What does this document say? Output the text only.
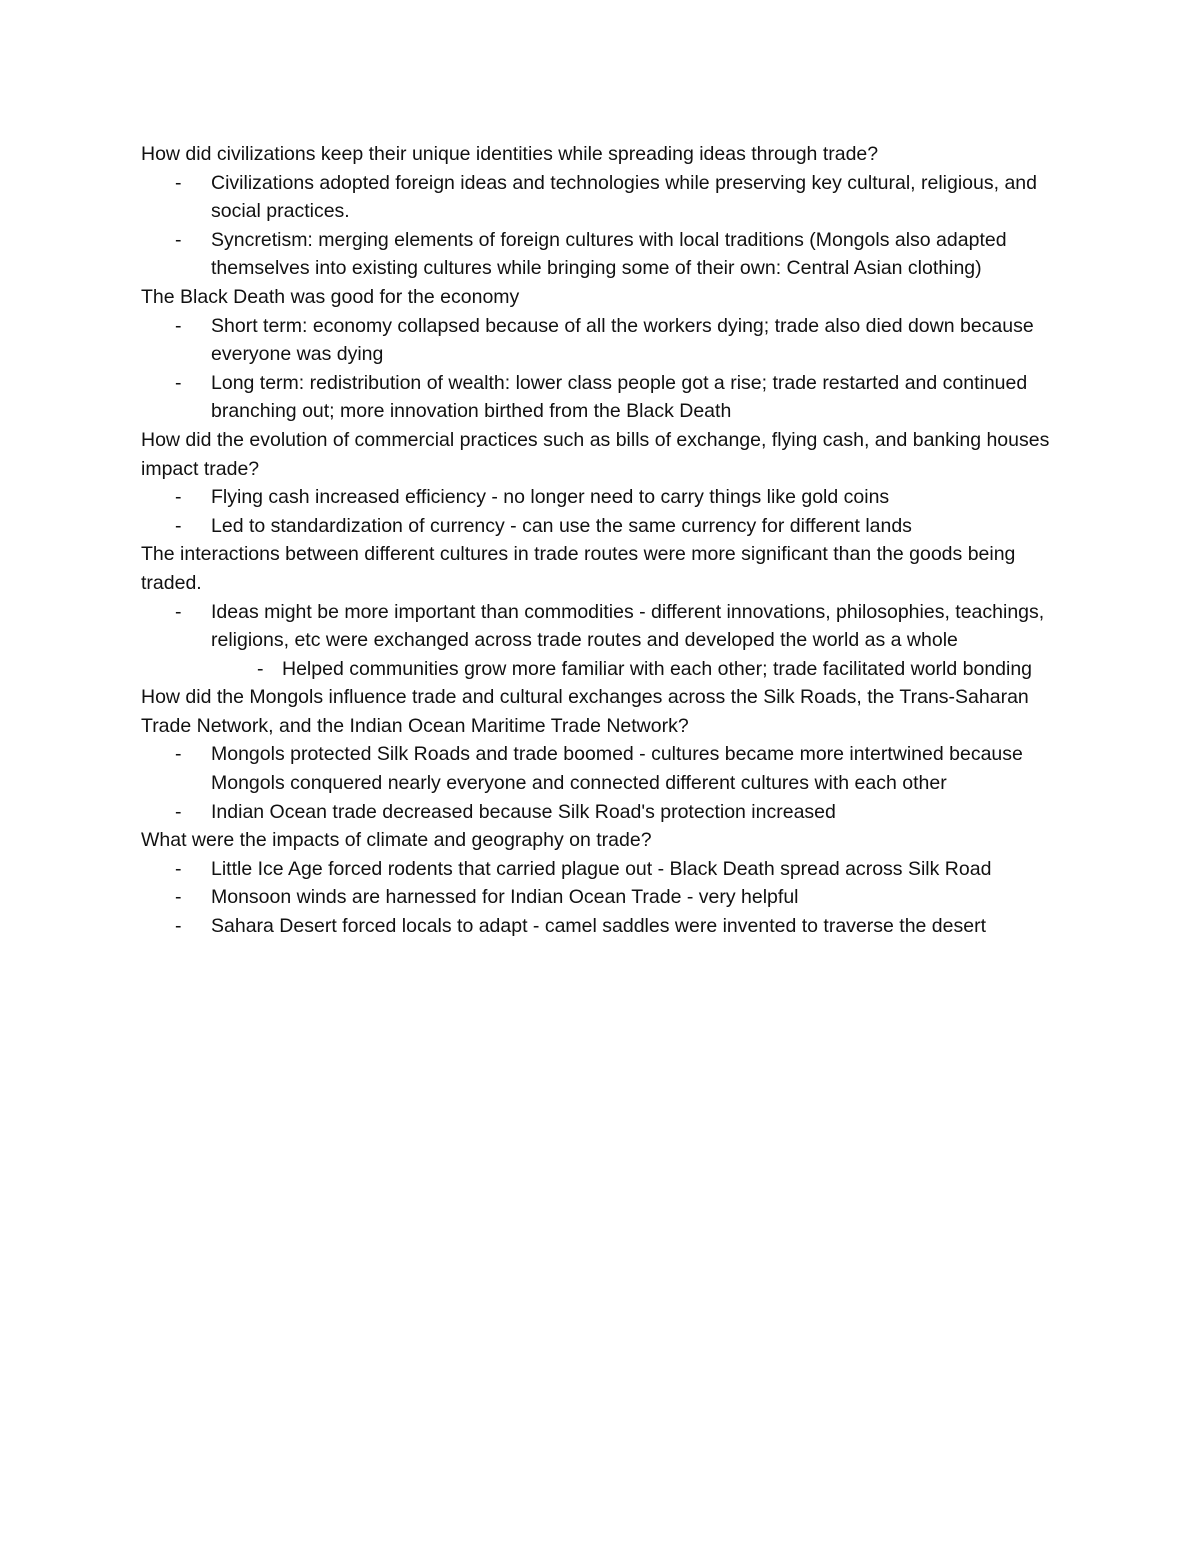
How did civilizations keep their unique identities while spreading ideas through trade?
- Civilizations adopted foreign ideas and technologies while preserving key cultural, religious, and social practices.
- Syncretism: merging elements of foreign cultures with local traditions (Mongols also adapted themselves into existing cultures while bringing some of their own: Central Asian clothing)
The Black Death was good for the economy
- Short term: economy collapsed because of all the workers dying; trade also died down because everyone was dying
- Long term: redistribution of wealth: lower class people got a rise; trade restarted and continued branching out; more innovation birthed from the Black Death
How did the evolution of commercial practices such as bills of exchange, flying cash, and banking houses impact trade?
- Flying cash increased efficiency - no longer need to carry things like gold coins
- Led to standardization of currency - can use the same currency for different lands
The interactions between different cultures in trade routes were more significant than the goods being traded.
- Ideas might be more important than commodities - different innovations, philosophies, teachings, religions, etc were exchanged across trade routes and developed the world as a whole
- Helped communities grow more familiar with each other; trade facilitated world bonding
How did the Mongols influence trade and cultural exchanges across the Silk Roads, the Trans-Saharan Trade Network, and the Indian Ocean Maritime Trade Network?
- Mongols protected Silk Roads and trade boomed - cultures became more intertwined because Mongols conquered nearly everyone and connected different cultures with each other
- Indian Ocean trade decreased because Silk Road's protection increased
What were the impacts of climate and geography on trade?
- Little Ice Age forced rodents that carried plague out - Black Death spread across Silk Road
- Monsoon winds are harnessed for Indian Ocean Trade - very helpful
- Sahara Desert forced locals to adapt - camel saddles were invented to traverse the desert
